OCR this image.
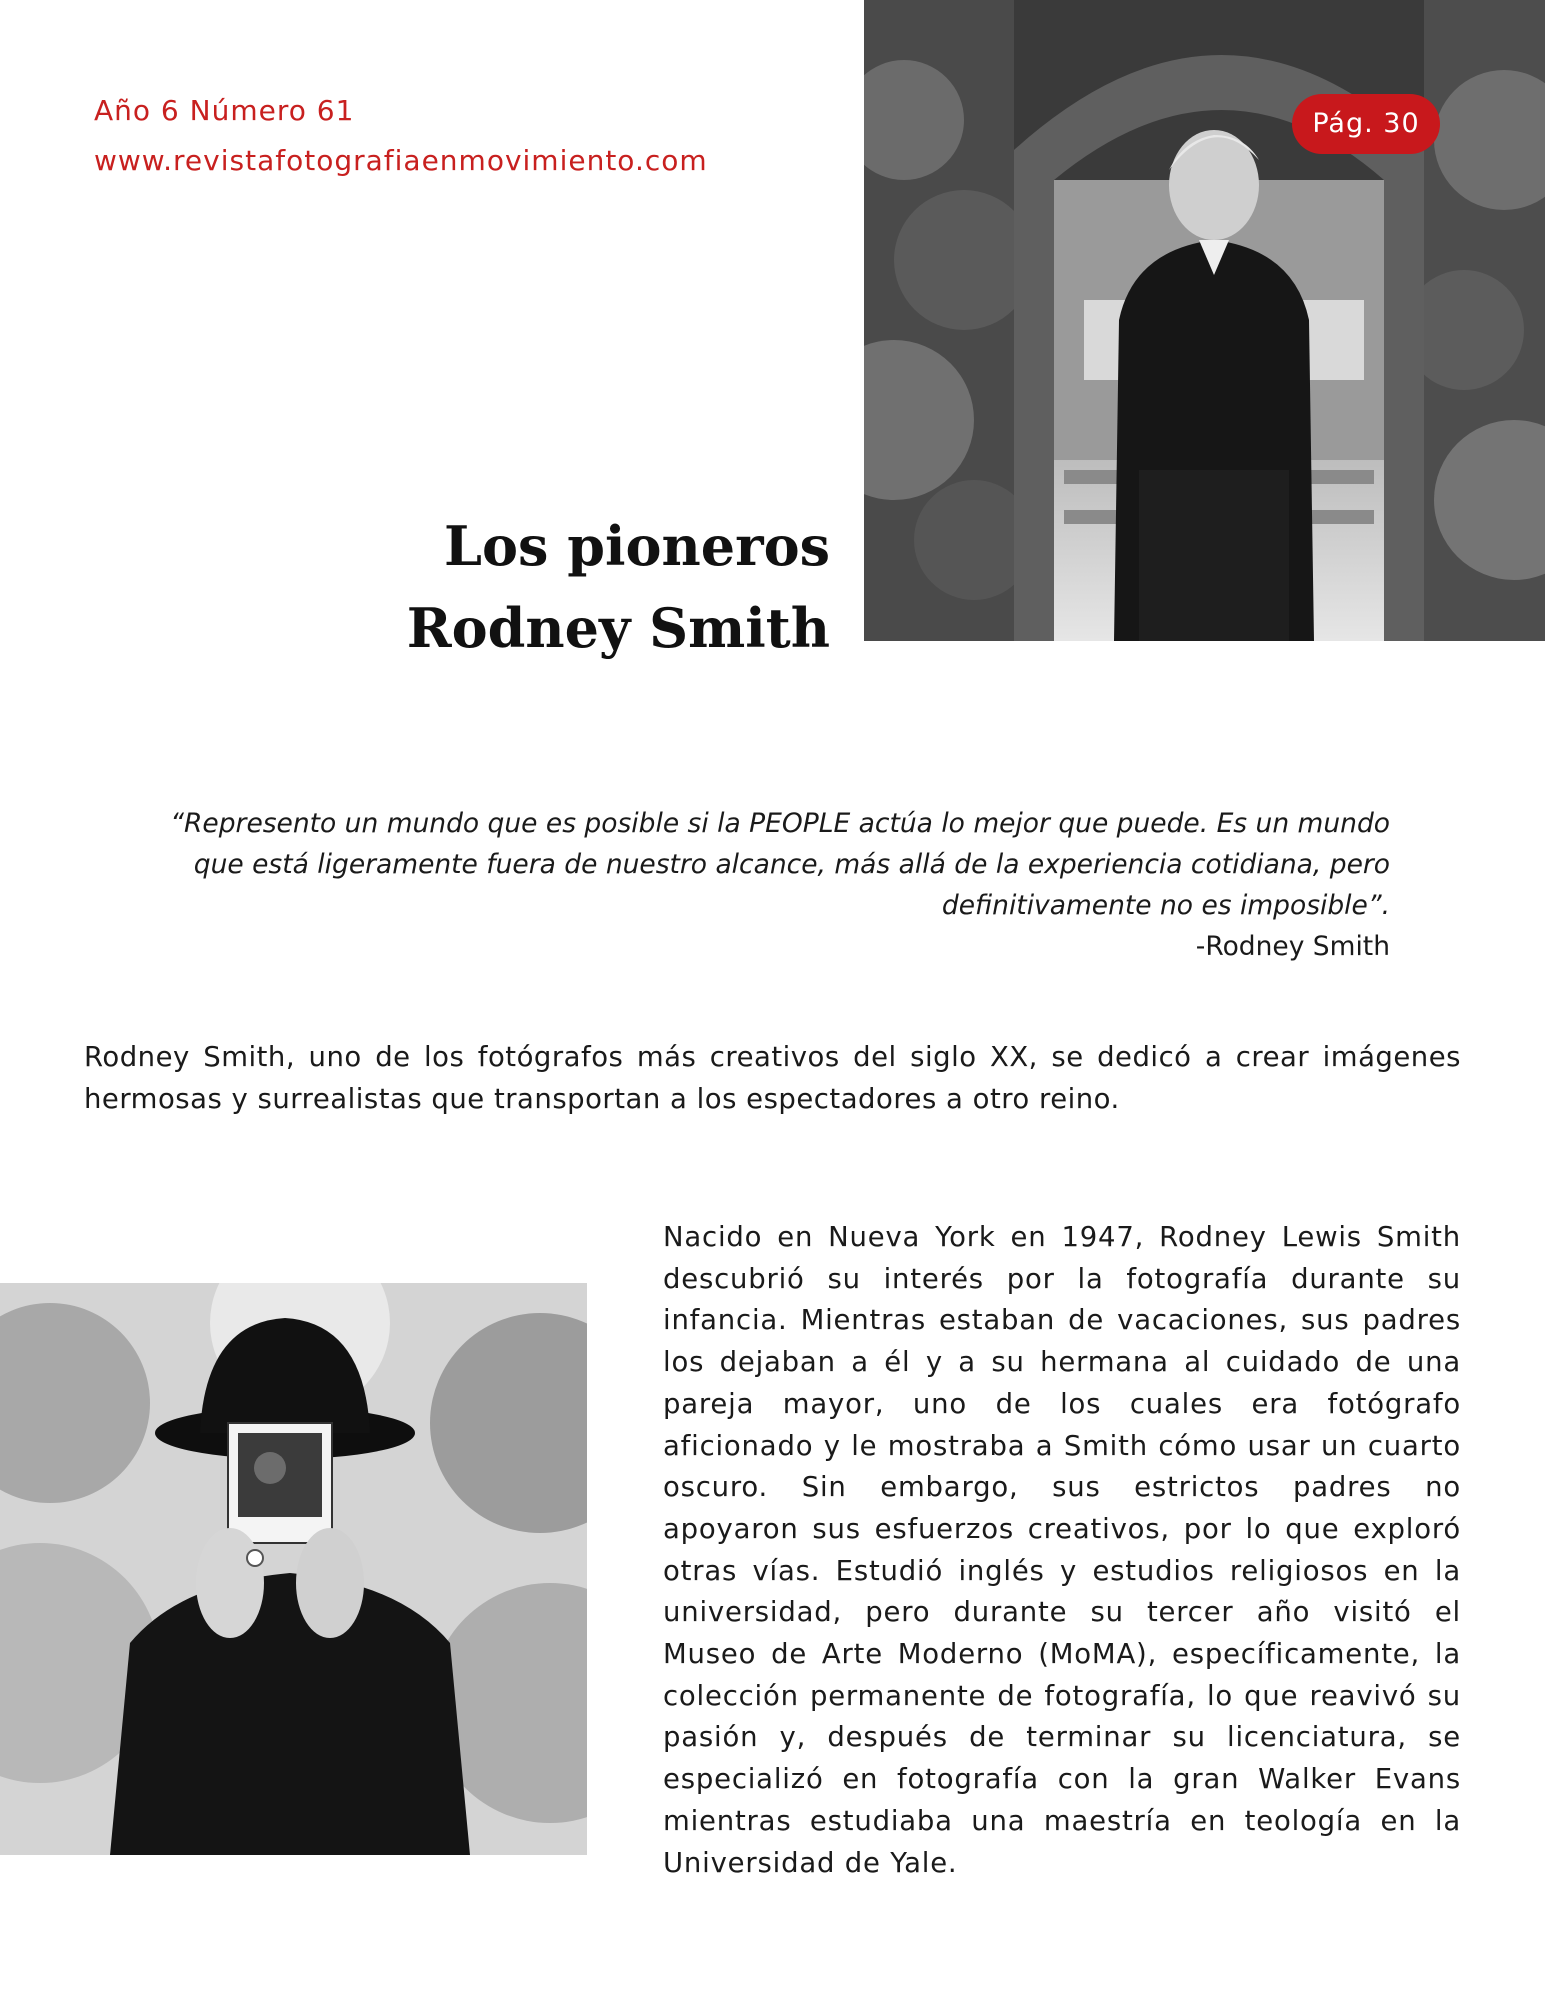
Año 6 Número 61
www.revistafotografiaenmovimiento.com
Pág. 30
Los pioneros
Rodney Smith
“Represento un mundo que es posible si la PEOPLE actúa lo mejor que puede. Es un mundo que está ligeramente fuera de nuestro alcance, más allá de la experiencia cotidiana, pero definitivamente no es imposible”.
-Rodney Smith
Rodney Smith, uno de los fotógrafos más creativos del siglo XX, se dedicó a crear imágenes hermosas y surrealistas que transportan a los espectadores a otro reino.
Nacido en Nueva York en 1947, Rodney Lewis Smith descubrió su interés por la fotografía durante su infancia. Mientras estaban de vacaciones, sus padres los dejaban a él y a su hermana al cuidado de una pareja mayor, uno de los cuales era fotógrafo aficionado y le mostraba a Smith cómo usar un cuarto oscuro. Sin embargo, sus estrictos padres no apoyaron sus esfuerzos creativos, por lo que exploró otras vías. Estudió inglés y estudios religiosos en la universidad, pero durante su tercer año visitó el Museo de Arte Moderno (MoMA), específicamente, la colección permanente de fotografía, lo que reavivó su pasión y, después de terminar su licenciatura, se especializó en fotografía con la gran Walker Evans mientras estudiaba una maestría en teología en la Universidad de Yale.
